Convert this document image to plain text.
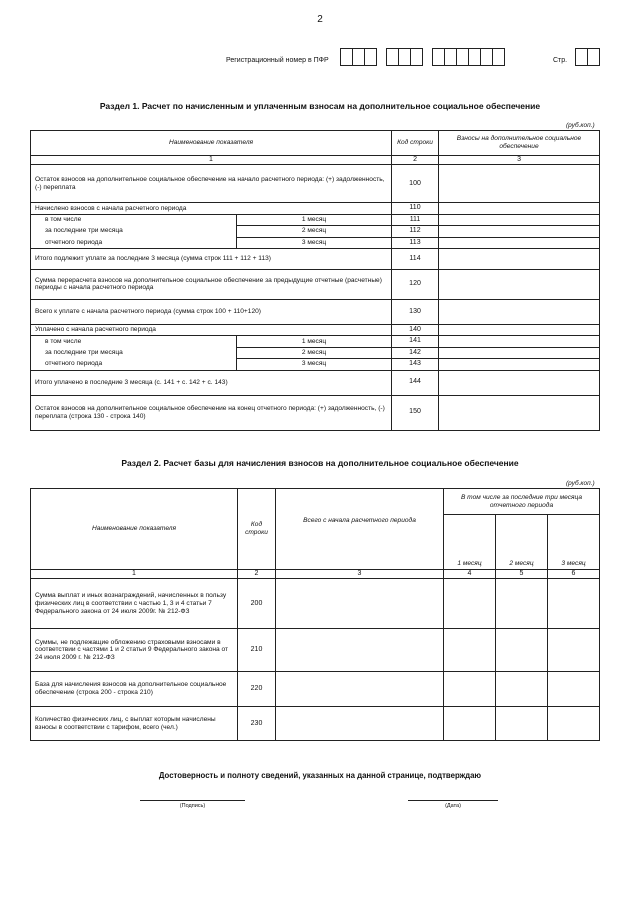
2
Регистрационный номер в ПФР	Стр.
Раздел 1. Расчет по начисленным и уплаченным взносам на дополнительное социальное обеспечение
(руб.коп.)
Наименование показателя		Код строки	Взносы на дополнительное социальное обеспечение
1		2	3
Остаток взносов на дополнительное социальное обеспечение на начало расчетного периода: (+) задолженность, (-) переплата		100	
Начислено взносов с начала расчетного периода		110	
в том числе	1 месяц	111	
за последние три месяца	2 месяц	112	
отчетного периода	3 месяц	113	
Итого подлежит уплате за последние 3 месяца (сумма строк 111 + 112 + 113)		114	
Сумма перерасчета взносов на дополнительное социальное обеспечение за предыдущие отчетные (расчетные) периоды с начала расчетного периода		120	
Всего к уплате с начала расчетного периода (сумма строк 100 + 110+120)		130	
Уплачено с начала расчетного периода		140	
в том числе	1 месяц	141	
за последние три месяца	2 месяц	142	
отчетного периода	3 месяц	143	
Итого уплачено в последние 3 месяца (с. 141 + с. 142 + с. 143)		144	
Остаток взносов на дополнительное социальное обеспечение на конец отчетного периода: (+) задолженность, (-) переплата (строка 130 - строка 140)		150	
Раздел 2. Расчет базы для начисления взносов на дополнительное социальное обеспечение
(руб.коп.)
Наименование показателя	Код строки	Всего с начала расчетного периода	В том числе за последние три месяца отчетного периода		
			1 месяц	2 месяц	3 месяц
1	2	3	4	5	6
Сумма выплат и иных вознаграждений, начисленных в пользу физических лиц в соответствии с частью 1, 3 и 4 статьи 7 Федерального закона от 24 июля 2009г. № 212-ФЗ	200				
Суммы, не подлежащие обложению страховыми взносами в соответствии с частями 1 и 2 статьи 9 Федерального закона от 24 июля 2009 г. № 212-ФЗ	210				
База для начисления взносов на дополнительное социальное обеспечение (строка 200 - строка 210)	220				
Количество физических лиц, с выплат которым начислены взносы в соответствии с тарифом, всего (чел.)	230				
Достоверность и полноту сведений, указанных на данной странице, подтверждаю
(Подпись)	(Дата)
